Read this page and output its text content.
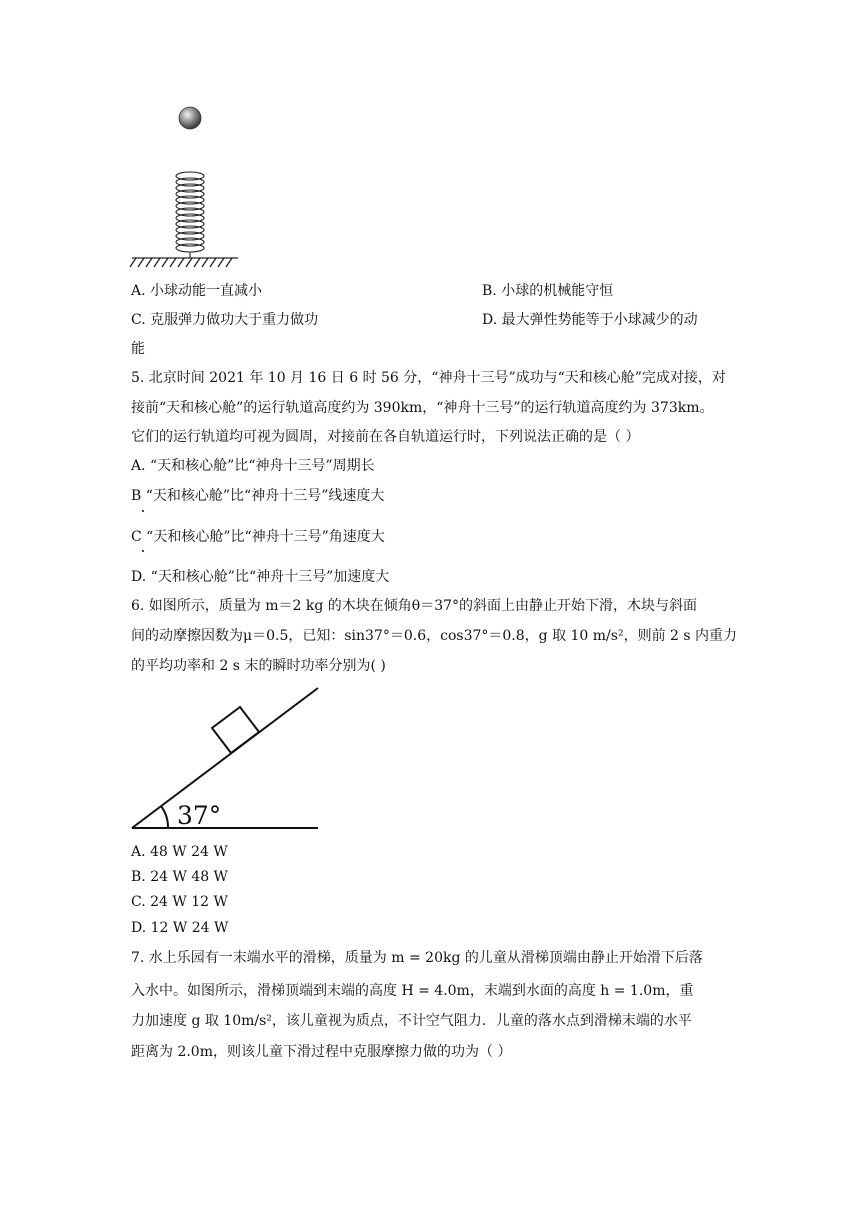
A. 小球动能一直减小	B. 小球的机械能守恒
C. 克服弹力做功大于重力做功	D. 最大弹性势能等于小球减少的动
能
5. 北京时间 2021 年 10 月 16 日 6 时 56 分，“神舟十三号”成功与“天和核心舱”完成对接，对
接前“天和核心舱”的运行轨道高度约为 390km，“神舟十三号”的运行轨道高度约为 373km。
它们的运行轨道均可视为圆周，对接前在各自轨道运行时，下列说法正确的是（ ）
A. “天和核心舱”比“神舟十三号”周期长
B “天和核心舱”比“神舟十三号”线速度大
C “天和核心舱”比“神舟十三号”角速度大
D. “天和核心舱”比“神舟十三号”加速度大
6. 如图所示，质量为 m＝2 kg 的木块在倾角θ＝37°的斜面上由静止开始下滑，木块与斜面
间的动摩擦因数为μ＝0.5，已知：sin37°＝0.6，cos37°＝0.8，g 取 10 m/s²，则前 2 s 内重力
的平均功率和 2 s 末的瞬时功率分别为( )
37°
A. 48 W 24 W
B. 24 W 48 W
C. 24 W 12 W
D. 12 W 24 W
7. 水上乐园有一末端水平的滑梯，质量为 m = 20kg 的儿童从滑梯顶端由静止开始滑下后落
入水中。如图所示，滑梯顶端到末端的高度 H = 4.0m，末端到水面的高度 h = 1.0m，重
力加速度 g 取 10m/s²，该儿童视为质点，不计空气阻力．儿童的落水点到滑梯末端的水平
距离为 2.0m，则该儿童下滑过程中克服摩擦力做的功为（ ）
